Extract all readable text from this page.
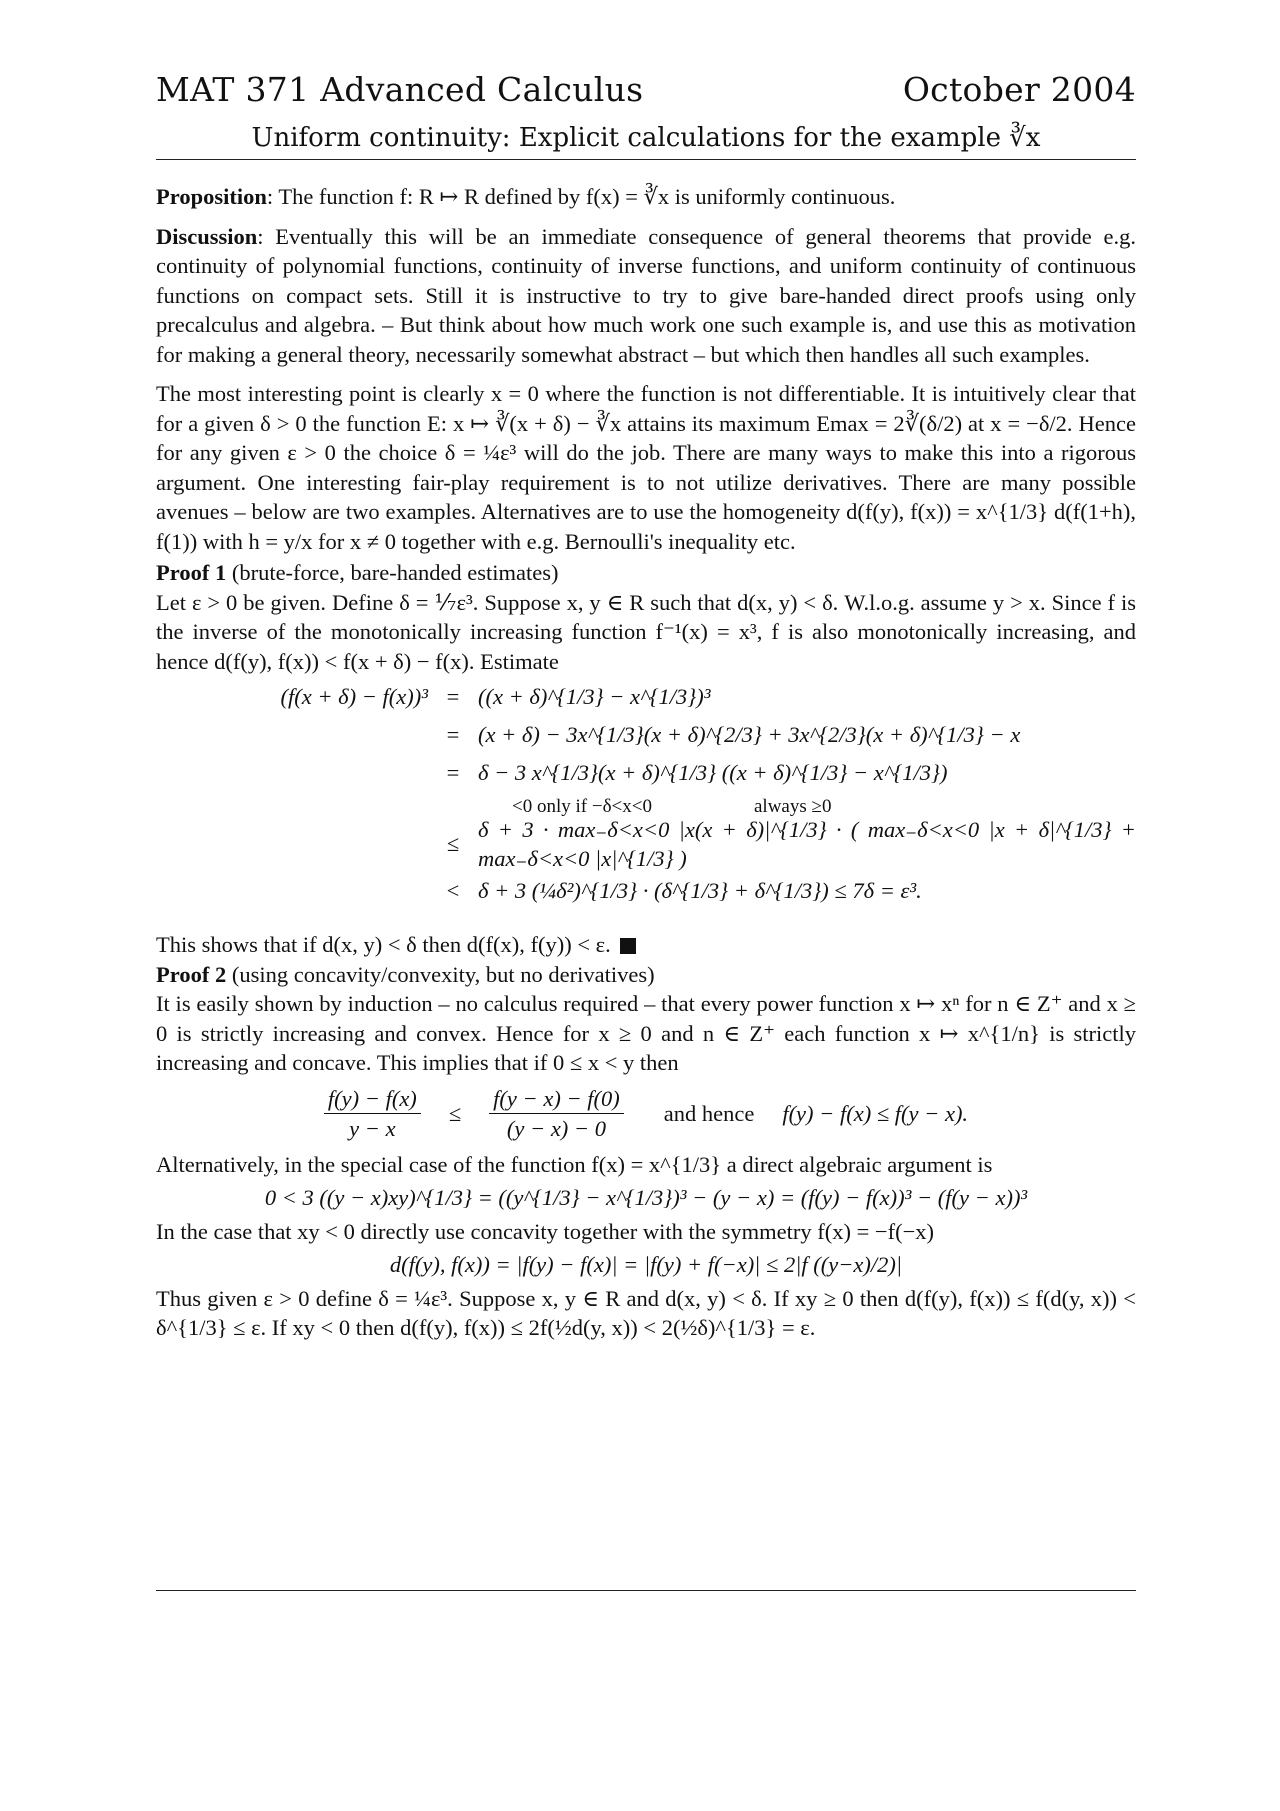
MAT 371 Advanced Calculus	October 2004
Uniform continuity: Explicit calculations for the example ∛x

Proposition: The function f: R ↦ R defined by f(x) = ∛x is uniformly continuous.

Discussion: Eventually this will be an immediate consequence of general theorems that provide e.g. continuity of polynomial functions, continuity of inverse functions, and uniform continuity of continuous functions on compact sets. Still it is instructive to try to give bare-handed direct proofs using only precalculus and algebra. – But think about how much work one such example is, and use this as motivation for making a general theory, necessarily somewhat abstract – but which then handles all such examples.

The most interesting point is clearly x = 0 where the function is not differentiable. It is intuitively clear that for a given δ > 0 the function E: x ↦ ∛(x + δ) − ∛x attains its maximum Emax = 2∛(δ/2) at x = −δ/2. Hence for any given ε > 0 the choice δ = ¼ε³ will do the job. There are many ways to make this into a rigorous argument. One interesting fair-play requirement is to not utilize derivatives. There are many possible avenues – below are two examples. Alternatives are to use the homogeneity d(f(y), f(x)) = x^{1/3} d(f(1+h), f(1)) with h = y/x for x ≠ 0 together with e.g. Bernoulli's inequality etc.

Proof 1 (brute-force, bare-handed estimates)

Let ε > 0 be given. Define δ = ⅐ε³. Suppose x, y ∈ R such that d(x, y) < δ. W.l.o.g. assume y > x. Since f is the inverse of the monotonically increasing function f⁻¹(x) = x³, f is also monotonically increasing, and hence d(f(y), f(x)) < f(x + δ) − f(x). Estimate

(f(x + δ) − f(x))³ = ((x + δ)^{1/3} − x^{1/3})³
= (x + δ) − 3x^{1/3}(x + δ)^{2/3} + 3x^{2/3}(x + δ)^{1/3} − x
= δ − 3 x^{1/3}(x + δ)^{1/3} ((x + δ)^{1/3} − x^{1/3})
<0 only if −δ<x<0	always ≥0
≤
δ + 3 · max₋δ<x<0 |x(x + δ)|^{1/3} · ( max₋δ<x<0 |x + δ|^{1/3} + max₋δ<x<0 |x|^{1/3} )
< δ + 3 (¼δ²)^{1/3} · (δ^{1/3} + δ^{1/3}) ≤ 7δ = ε³.

This shows that if d(x, y) < δ then d(f(x), f(y)) < ε.

Proof 2 (using concavity/convexity, but no derivatives)

It is easily shown by induction – no calculus required – that every power function x ↦ xⁿ for n ∈ Z⁺ and x ≥ 0 is strictly increasing and convex. Hence for x ≥ 0 and n ∈ Z⁺ each function x ↦ x^{1/n} is strictly increasing and concave. This implies that if 0 ≤ x < y then

$\frac{f(y) - f(x)}{y - x} \le \frac{f(y - x) - f(0)}{(y - x) - 0}$ and hence f(y) − f(x) ≤ f(y − x).

Alternatively, in the special case of the function f(x) = x^{1/3} a direct algebraic argument is

0 < 3 ((y − x)xy)^{1/3} = ((y^{1/3} − x^{1/3})³ − (y − x) = (f(y) − f(x))³ − (f(y − x))³

In the case that xy < 0 directly use concavity together with the symmetry f(x) = −f(−x)

d(f(y), f(x)) = |f(y) − f(x)| = |f(y) + f(−x)| ≤ 2|f ((y−x)/2)|

Thus given ε > 0 define δ = ¼ε³. Suppose x, y ∈ R and d(x, y) < δ. If xy ≥ 0 then d(f(y), f(x)) ≤ f(d(y, x)) < δ^{1/3} ≤ ε. If xy < 0 then d(f(y), f(x)) ≤ 2f(½d(y, x)) < 2(½δ)^{1/3} = ε.
